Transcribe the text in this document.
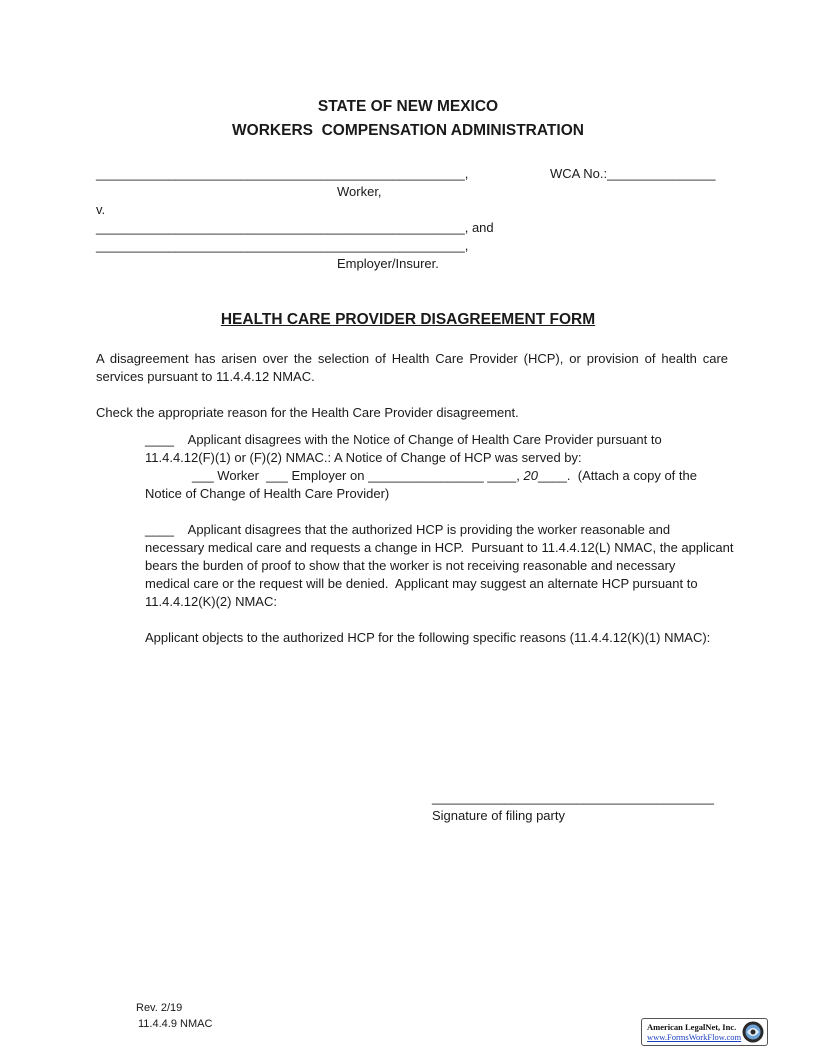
STATE OF NEW MEXICO
WORKERS  COMPENSATION ADMINISTRATION
___________________________________________________,	WCA No.:_______________
Worker,
v.
___________________________________________________, and
___________________________________________________,
Employer/Insurer.
HEALTH CARE PROVIDER DISAGREEMENT FORM
A disagreement has arisen over the selection of Health Care Provider (HCP), or provision of health care services pursuant to 11.4.4.12 NMAC.
Check the appropriate reason for the Health Care Provider disagreement.
____    Applicant disagrees with the Notice of Change of Health Care Provider pursuant to
11.4.4.12(F)(1) or (F)(2) NMAC.: A Notice of Change of HCP was served by:
___ Worker  ___ Employer on ________________ ____, 20____.  (Attach a copy of the
Notice of Change of Health Care Provider)
____    Applicant disagrees that the authorized HCP is providing the worker reasonable and
necessary medical care and requests a change in HCP.  Pursuant to 11.4.4.12(L) NMAC, the applicant
bears the burden of proof to show that the worker is not receiving reasonable and necessary
medical care or the request will be denied.  Applicant may suggest an alternate HCP pursuant to
11.4.4.12(K)(2) NMAC:
Applicant objects to the authorized HCP for the following specific reasons (11.4.4.12(K)(1) NMAC):
_______________________________________
Signature of filing party
Rev. 2/19
11.4.4.9 NMAC	American LegalNet, Inc.
www.FormsWorkFlow.com
